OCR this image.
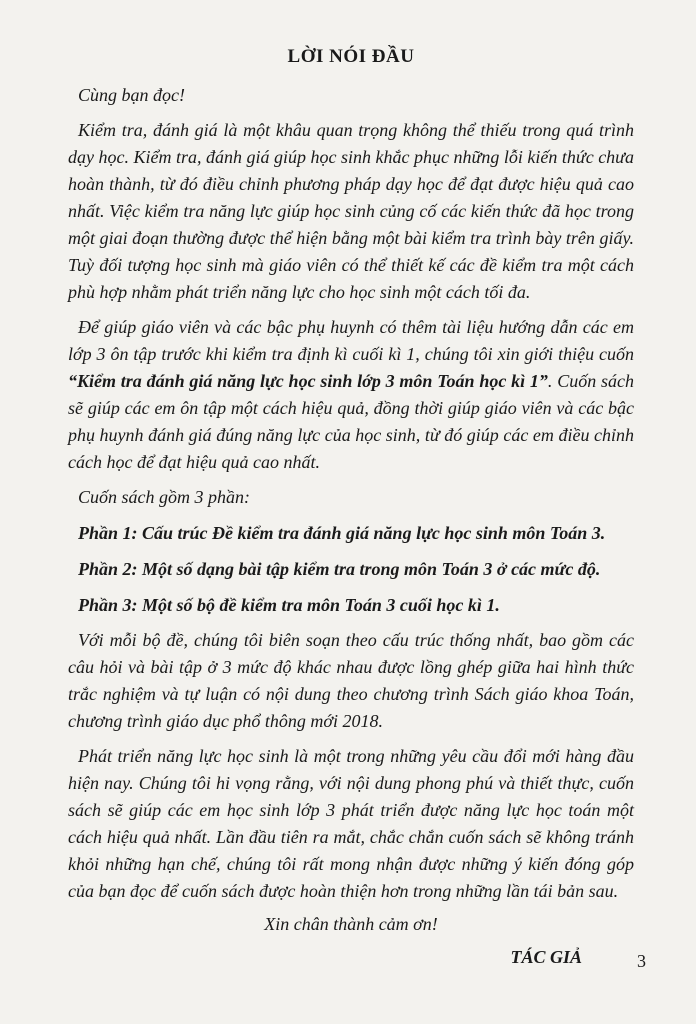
LỜI NÓI ĐẦU

Cùng bạn đọc!

Kiểm tra, đánh giá là một khâu quan trọng không thể thiếu trong quá trình dạy học. Kiểm tra, đánh giá giúp học sinh khắc phục những lỗi kiến thức chưa hoàn thành, từ đó điều chỉnh phương pháp dạy học để đạt được hiệu quả cao nhất. Việc kiểm tra năng lực giúp học sinh củng cố các kiến thức đã học trong một giai đoạn thường được thể hiện bằng một bài kiểm tra trình bày trên giấy. Tuỳ đối tượng học sinh mà giáo viên có thể thiết kế các đề kiểm tra một cách phù hợp nhằm phát triển năng lực cho học sinh một cách tối đa.

Để giúp giáo viên và các bậc phụ huynh có thêm tài liệu hướng dẫn các em lớp 3 ôn tập trước khi kiểm tra định kì cuối kì 1, chúng tôi xin giới thiệu cuốn “Kiểm tra đánh giá năng lực học sinh lớp 3 môn Toán học kì 1”. Cuốn sách sẽ giúp các em ôn tập một cách hiệu quả, đồng thời giúp giáo viên và các bậc phụ huynh đánh giá đúng năng lực của học sinh, từ đó giúp các em điều chỉnh cách học để đạt hiệu quả cao nhất.

Cuốn sách gồm 3 phần:

Phần 1: Cấu trúc Đề kiểm tra đánh giá năng lực học sinh môn Toán 3.

Phần 2: Một số dạng bài tập kiểm tra trong môn Toán 3 ở các mức độ.

Phần 3: Một số bộ đề kiểm tra môn Toán 3 cuối học kì 1.

Với mỗi bộ đề, chúng tôi biên soạn theo cấu trúc thống nhất, bao gồm các câu hỏi và bài tập ở 3 mức độ khác nhau được lồng ghép giữa hai hình thức trắc nghiệm và tự luận có nội dung theo chương trình Sách giáo khoa Toán, chương trình giáo dục phổ thông mới 2018.

Phát triển năng lực học sinh là một trong những yêu cầu đổi mới hàng đầu hiện nay. Chúng tôi hi vọng rằng, với nội dung phong phú và thiết thực, cuốn sách sẽ giúp các em học sinh lớp 3 phát triển được năng lực học toán một cách hiệu quả nhất. Lần đầu tiên ra mắt, chắc chắn cuốn sách sẽ không tránh khỏi những hạn chế, chúng tôi rất mong nhận được những ý kiến đóng góp của bạn đọc để cuốn sách được hoàn thiện hơn trong những lần tái bản sau.

Xin chân thành cảm ơn!

TÁC GIẢ	3
